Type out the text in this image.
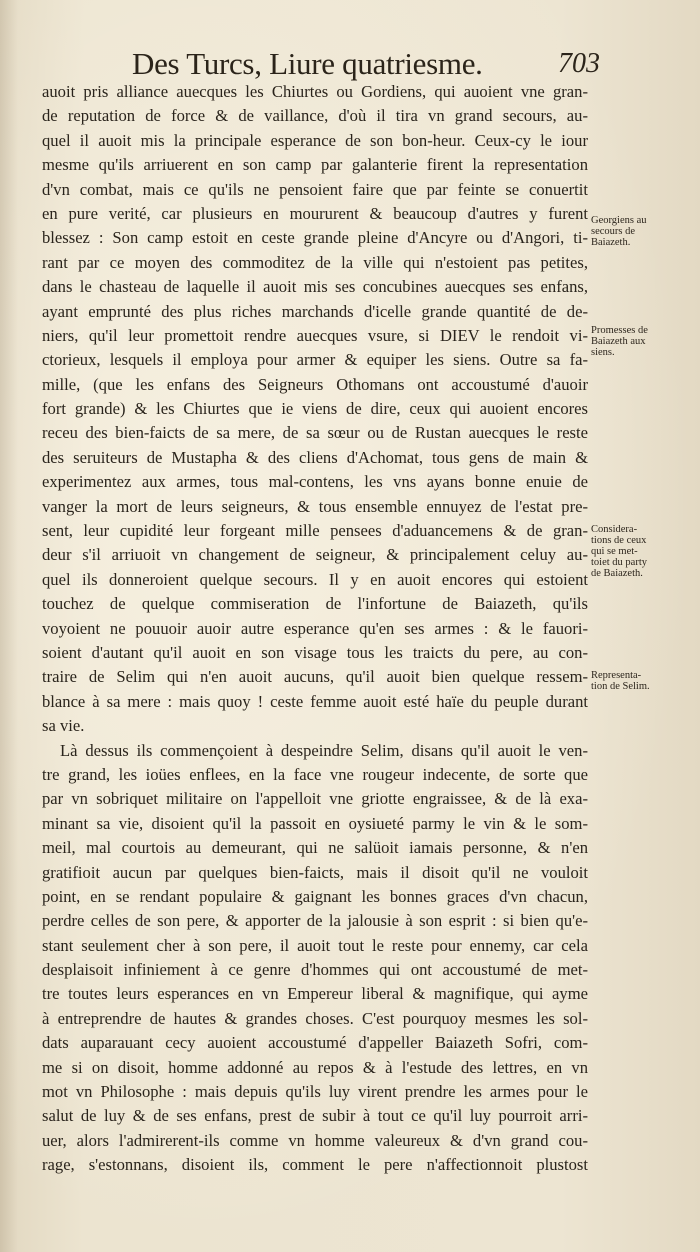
Des Turcs, Liure quatriesme.	703
auoit pris alliance auecques les Chiurtes ou Gordiens, qui auoient vne gran-
de reputation de force & de vaillance, d'où il tira vn grand secours, au-
quel il auoit mis la principale esperance de son bon-heur. Ceux-cy le iour
mesme qu'ils arriuerent en son camp par galanterie firent la representation
d'vn combat, mais ce qu'ils ne pensoient faire que par feinte se conuertit
en pure verité, car plusieurs en moururent & beaucoup d'autres y furent
blessez : Son camp estoit en ceste grande pleine d'Ancyre ou d'Angori, ti-
rant par ce moyen des commoditez de la ville qui n'estoient pas petites,
dans le chasteau de laquelle il auoit mis ses concubines auecques ses enfans,
ayant emprunté des plus riches marchands d'icelle grande quantité de de-
niers, qu'il leur promettoit rendre auecques vsure, si DIEV le rendoit vi-
ctorieux, lesquels il employa pour armer & equiper les siens. Outre sa fa-
mille, (que les enfans des Seigneurs Othomans ont accoustumé d'auoir
fort grande) & les Chiurtes que ie viens de dire, ceux qui auoient encores
receu des bien-faicts de sa mere, de sa sœur ou de Rustan auecques le reste
des seruiteurs de Mustapha & des cliens d'Achomat, tous gens de main &
experimentez aux armes, tous mal-contens, les vns ayans bonne enuie de
vanger la mort de leurs seigneurs, & tous ensemble ennuyez de l'estat pre-
sent, leur cupidité leur forgeant mille pensees d'aduancemens & de gran-
deur s'il arriuoit vn changement de seigneur, & principalement celuy au-
quel ils donneroient quelque secours. Il y en auoit encores qui estoient
touchez de quelque commiseration de l'infortune de Baiazeth, qu'ils
voyoient ne pouuoir auoir autre esperance qu'en ses armes : & le fauori-
soient d'autant qu'il auoit en son visage tous les traicts du pere, au con-
traire de Selim qui n'en auoit aucuns, qu'il auoit bien quelque ressem-
blance à sa mere : mais quoy ! ceste femme auoit esté haïe du peuple durant
sa vie.
Là dessus ils commençoient à despeindre Selim, disans qu'il auoit le ven-
tre grand, les ioües enflees, en la face vne rougeur indecente, de sorte que
par vn sobriquet militaire on l'appelloit vne griotte engraissee, & de là exa-
minant sa vie, disoient qu'il la passoit en oysiueté parmy le vin & le som-
meil, mal courtois au demeurant, qui ne salüoit iamais personne, & n'en
gratifioit aucun par quelques bien-faicts, mais il disoit qu'il ne vouloit
point, en se rendant populaire & gaignant les bonnes graces d'vn chacun,
perdre celles de son pere, & apporter de la jalousie à son esprit : si bien qu'e-
stant seulement cher à son pere, il auoit tout le reste pour ennemy, car cela
desplaisoit infiniement à ce genre d'hommes qui ont accoustumé de met-
tre toutes leurs esperances en vn Empereur liberal & magnifique, qui ayme
à entreprendre de hautes & grandes choses. C'est pourquoy mesmes les sol-
dats auparauant cecy auoient accoustumé d'appeller Baiazeth Sofri, com-
me si on disoit, homme addonné au repos & à l'estude des lettres, en vn
mot vn Philosophe : mais depuis qu'ils luy virent prendre les armes pour le
salut de luy & de ses enfans, prest de subir à tout ce qu'il luy pourroit arri-
uer, alors l'admirerent-ils comme vn homme valeureux & d'vn grand cou-
rage, s'estonnans, disoient ils, comment le pere n'affectionnoit plustost
Georgiens au
secours de
Baiazeth.
Promesses de
Baiazeth aux
siens.
Considera-
tions de ceux
qui se met-
toiet du party
de Baiazeth.
Representa-
tion de Selim.
